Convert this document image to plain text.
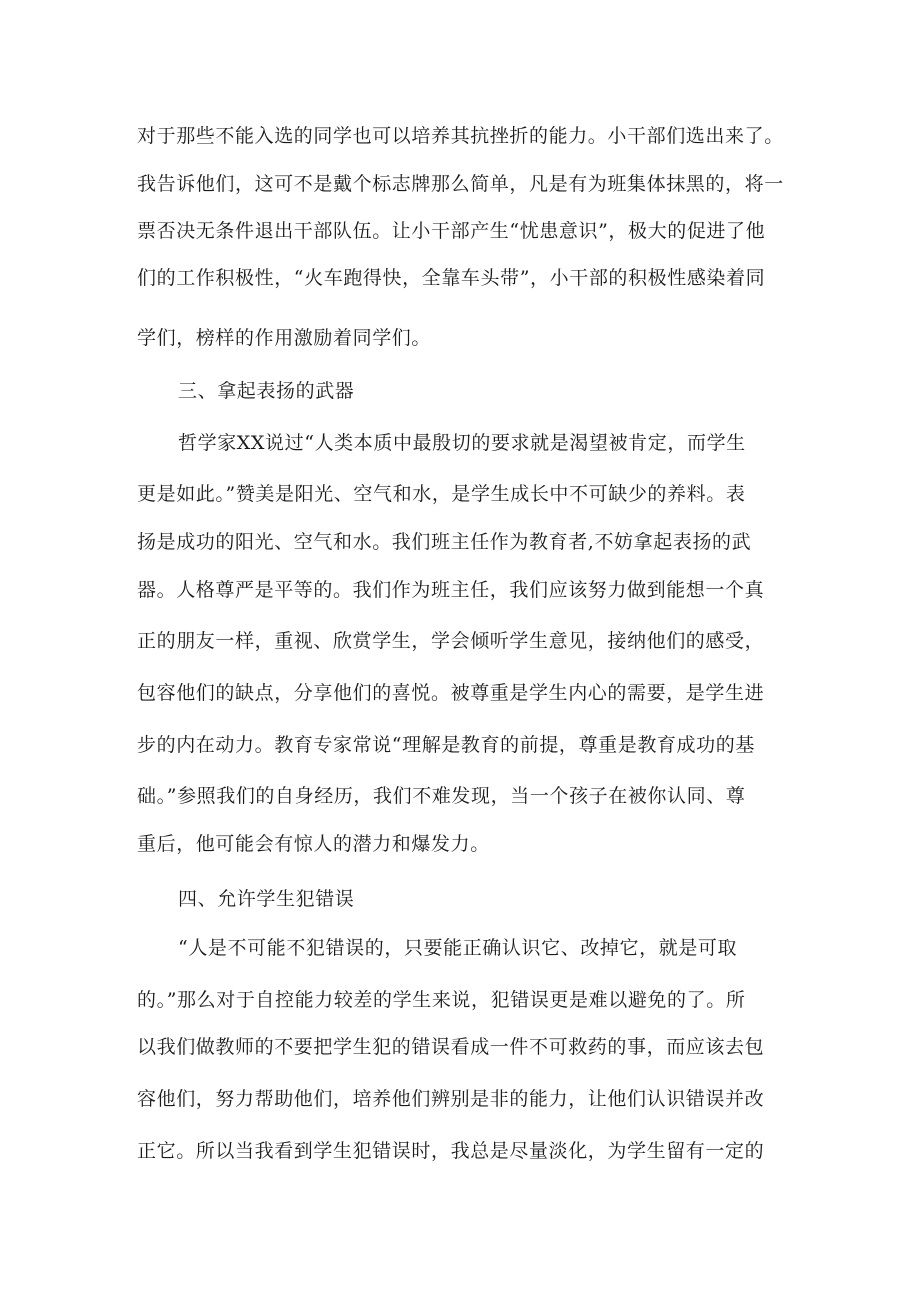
对于那些不能入选的同学也可以培养其抗挫折的能力。小干部们选出来了。
我告诉他们，这可不是戴个标志牌那么简单，凡是有为班集体抹黑的，将一
票否决无条件退出干部队伍。让小干部产生“忧患意识”，极大的促进了他
们的工作积极性，“火车跑得快，全靠车头带”，小干部的积极性感染着同
学们，榜样的作用激励着同学们。
三、拿起表扬的武器
哲学家XX说过“人类本质中最殷切的要求就是渴望被肯定，而学生
更是如此。”赞美是阳光、空气和水，是学生成长中不可缺少的养料。表
扬是成功的阳光、空气和水。我们班主任作为教育者,不妨拿起表扬的武
器。人格尊严是平等的。我们作为班主任，我们应该努力做到能想一个真
正的朋友一样，重视、欣赏学生，学会倾听学生意见，接纳他们的感受，
包容他们的缺点，分享他们的喜悦。被尊重是学生内心的需要，是学生进
步的内在动力。教育专家常说“理解是教育的前提，尊重是教育成功的基
础。”参照我们的自身经历，我们不难发现，当一个孩子在被你认同、尊
重后，他可能会有惊人的潜力和爆发力。
四、允许学生犯错误
“人是不可能不犯错误的，只要能正确认识它、改掉它，就是可取
的。”那么对于自控能力较差的学生来说，犯错误更是难以避免的了。所
以我们做教师的不要把学生犯的错误看成一件不可救药的事，而应该去包
容他们，努力帮助他们，培养他们辨别是非的能力，让他们认识错误并改
正它。所以当我看到学生犯错误时，我总是尽量淡化，为学生留有一定的
